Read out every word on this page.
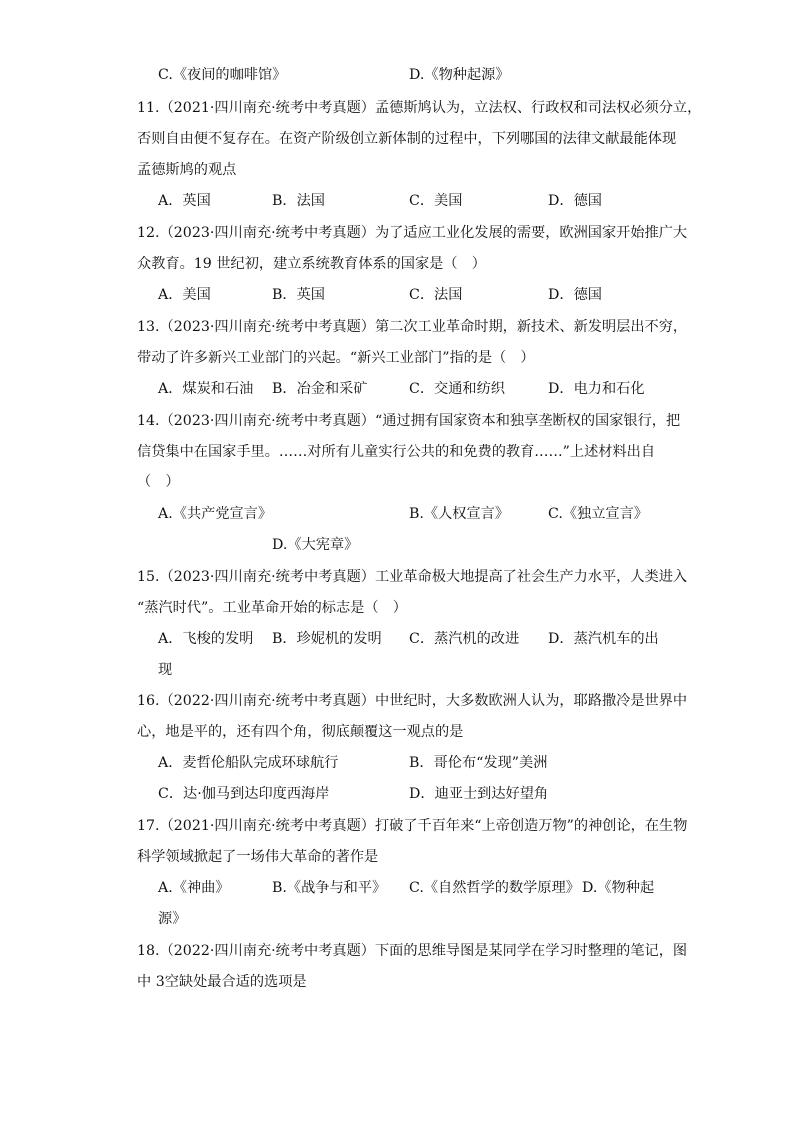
C.《夜间的咖啡馆》	D.《物种起源》
11.（2021·四川南充·统考中考真题）孟德斯鸠认为，立法权、行政权和司法权必须分立，
否则自由便不复存在。在资产阶级创立新体制的过程中，下列哪国的法律文献最能体现
孟德斯鸠的观点
A．英国	B．法国	C．美国	D．德国
12.（2023·四川南充·统考中考真题）为了适应工业化发展的需要，欧洲国家开始推广大
众教育。19 世纪初，建立系统教育体系的国家是（　）
A．美国	B．英国	C．法国	D．德国
13.（2023·四川南充·统考中考真题）第二次工业革命时期，新技术、新发明层出不穷，
带动了许多新兴工业部门的兴起。“新兴工业部门”指的是（　）
A．煤炭和石油 B．冶金和采矿	C．交通和纺织	D．电力和石化
14.（2023·四川南充·统考中考真题）“通过拥有国家资本和独享垄断权的国家银行，把
信贷集中在国家手里。……对所有儿童实行公共的和免费的教育……”上述材料出自
（　）
A.《共产党宣言》	B.《人权宣言》	C.《独立宣言》
D.《大宪章》
15.（2023·四川南充·统考中考真题）工业革命极大地提高了社会生产力水平，人类进入
“蒸汽时代”。工业革命开始的标志是（　）
A．飞梭的发明 B．珍妮机的发明 C．蒸汽机的改进 D．蒸汽机车的出
现
16.（2022·四川南充·统考中考真题）中世纪时，大多数欧洲人认为，耶路撒冷是世界中
心，地是平的，还有四个角，彻底颠覆这一观点的是
A．麦哲伦船队完成环球航行	B．哥伦布“发现”美洲
C．达·伽马到达印度西海岸	D．迪亚士到达好望角
17.（2021·四川南充·统考中考真题）打破了千百年来“上帝创造万物”的神创论，在生物
科学领域掀起了一场伟大革命的著作是
A.《神曲》	B.《战争与和平》 C.《自然哲学的数学原理》 D.《物种起
源》
18.（2022·四川南充·统考中考真题）下面的思维导图是某同学在学习时整理的笔记，图
中 3空缺处最合适的选项是
